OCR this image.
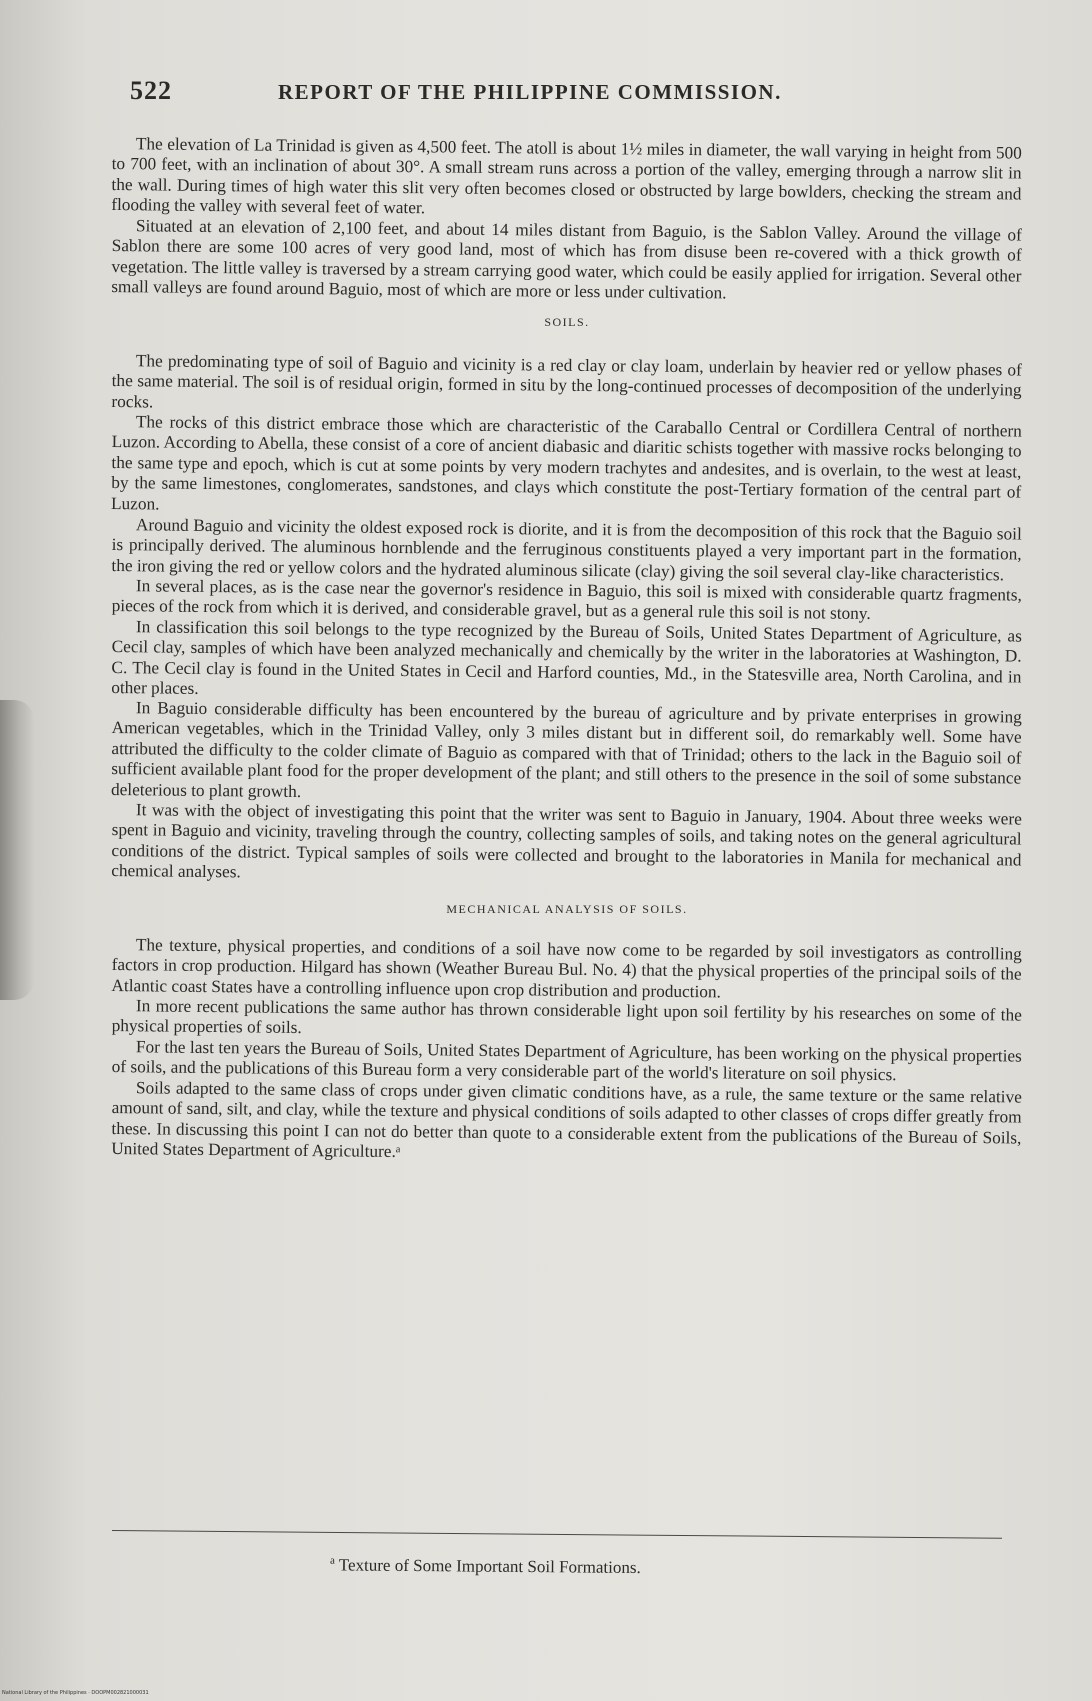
522	REPORT OF THE PHILIPPINE COMMISSION.

The elevation of La Trinidad is given as 4,500 feet. The atoll is about 1½ miles in diameter, the wall varying in height from 500 to 700 feet, with an inclination of about 30°. A small stream runs across a portion of the valley, emerging through a narrow slit in the wall. During times of high water this slit very often becomes closed or obstructed by large bowlders, checking the stream and flooding the valley with several feet of water.

Situated at an elevation of 2,100 feet, and about 14 miles distant from Baguio, is the Sablon Valley. Around the village of Sablon there are some 100 acres of very good land, most of which has from disuse been re-covered with a thick growth of vegetation. The little valley is traversed by a stream carrying good water, which could be easily applied for irrigation. Several other small valleys are found around Baguio, most of which are more or less under cultivation.

SOILS.

The predominating type of soil of Baguio and vicinity is a red clay or clay loam, underlain by heavier red or yellow phases of the same material. The soil is of residual origin, formed in situ by the long-continued processes of decomposition of the underlying rocks.

The rocks of this district embrace those which are characteristic of the Caraballo Central or Cordillera Central of northern Luzon. According to Abella, these consist of a core of ancient diabasic and diaritic schists together with massive rocks belonging to the same type and epoch, which is cut at some points by very modern trachytes and andesites, and is overlain, to the west at least, by the same limestones, conglomerates, sandstones, and clays which constitute the post-Tertiary formation of the central part of Luzon.

Around Baguio and vicinity the oldest exposed rock is diorite, and it is from the decomposition of this rock that the Baguio soil is principally derived. The aluminous hornblende and the ferruginous constituents played a very important part in the formation, the iron giving the red or yellow colors and the hydrated aluminous silicate (clay) giving the soil several clay-like characteristics.

In several places, as is the case near the governor's residence in Baguio, this soil is mixed with considerable quartz fragments, pieces of the rock from which it is derived, and considerable gravel, but as a general rule this soil is not stony.

In classification this soil belongs to the type recognized by the Bureau of Soils, United States Department of Agriculture, as Cecil clay, samples of which have been analyzed mechanically and chemically by the writer in the laboratories at Washington, D. C. The Cecil clay is found in the United States in Cecil and Harford counties, Md., in the Statesville area, North Carolina, and in other places.

In Baguio considerable difficulty has been encountered by the bureau of agriculture and by private enterprises in growing American vegetables, which in the Trinidad Valley, only 3 miles distant but in different soil, do remarkably well. Some have attributed the difficulty to the colder climate of Baguio as compared with that of Trinidad; others to the lack in the Baguio soil of sufficient available plant food for the proper development of the plant; and still others to the presence in the soil of some substance deleterious to plant growth.

It was with the object of investigating this point that the writer was sent to Baguio in January, 1904. About three weeks were spent in Baguio and vicinity, traveling through the country, collecting samples of soils, and taking notes on the general agricultural conditions of the district. Typical samples of soils were collected and brought to the laboratories in Manila for mechanical and chemical analyses.

MECHANICAL ANALYSIS OF SOILS.

The texture, physical properties, and conditions of a soil have now come to be regarded by soil investigators as controlling factors in crop production. Hilgard has shown (Weather Bureau Bul. No. 4) that the physical properties of the principal soils of the Atlantic coast States have a controlling influence upon crop distribution and production.

In more recent publications the same author has thrown considerable light upon soil fertility by his researches on some of the physical properties of soils.

For the last ten years the Bureau of Soils, United States Department of Agriculture, has been working on the physical properties of soils, and the publications of this Bureau form a very considerable part of the world's literature on soil physics.

Soils adapted to the same class of crops under given climatic conditions have, as a rule, the same texture or the same relative amount of sand, silt, and clay, while the texture and physical conditions of soils adapted to other classes of crops differ greatly from these. In discussing this point I can not do better than quote to a considerable extent from the publications of the Bureau of Soils, United States Department of Agriculture.ᵃ

$^a$ Texture of Some Important Soil Formations.
National Library of the Philippines · DOOPM002821000031
